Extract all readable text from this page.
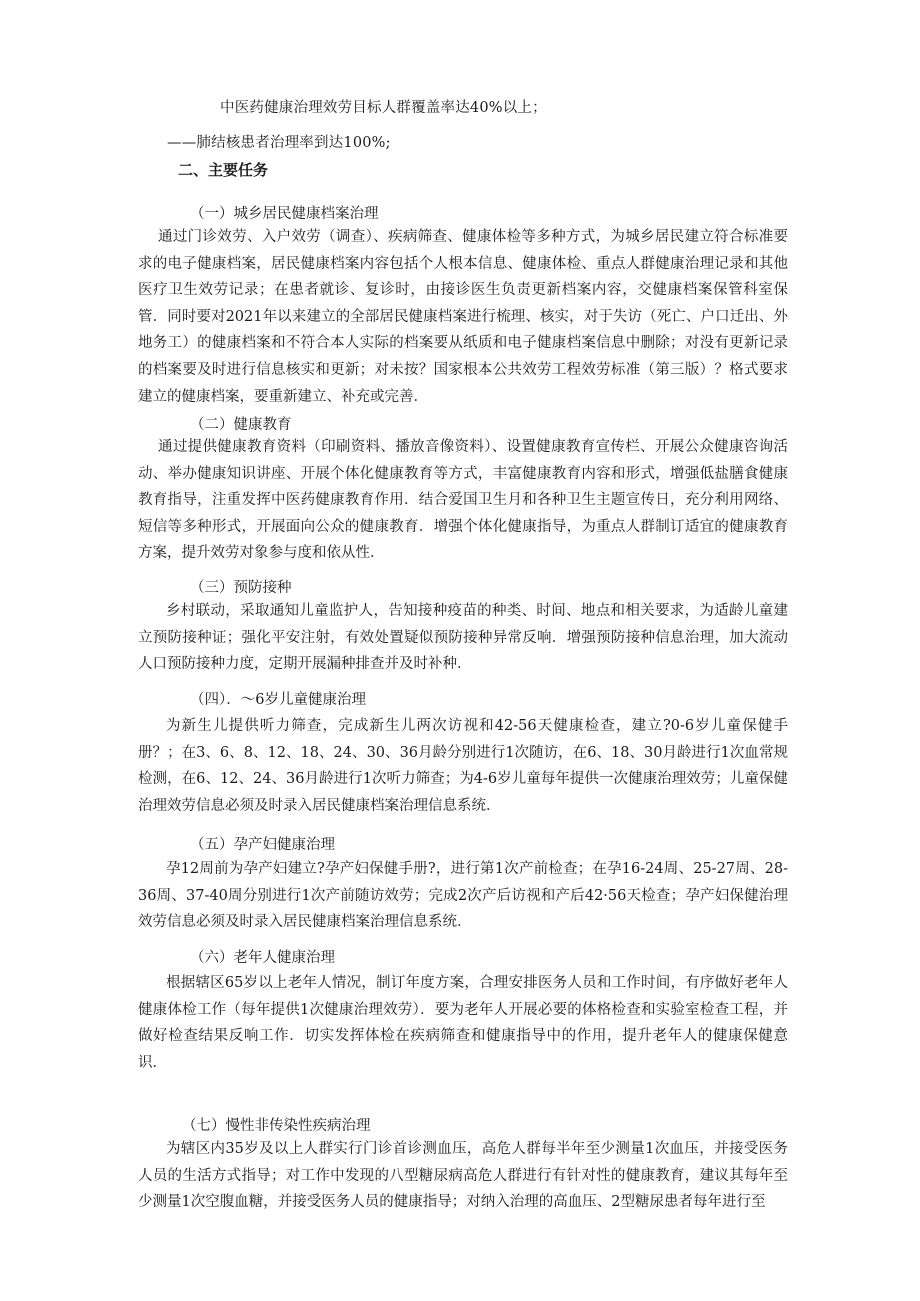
中医药健康治理效劳目标人群覆盖率达40%以上；
——肺结核患者治理率到达100%;
二、主要任务
（一）城乡居民健康档案治理
通过门诊效劳、入户效劳（调查）、疾病筛查、健康体检等多种方式，为城乡居民建立符合标准要求的电子健康档案，居民健康档案内容包括个人根本信息、健康体检、重点人群健康治理记录和其他医疗卫生效劳记录；在患者就诊、复诊时，由接诊医生负责更新档案内容，交健康档案保管科室保管．同时要对2021年以来建立的全部居民健康档案进行梳理、核实，对于失访（死亡、户口迁出、外地务工）的健康档案和不符合本人实际的档案要从纸质和电子健康档案信息中删除；对没有更新记录的档案要及时进行信息核实和更新；对未按？国家根本公共效劳工程效劳标准（第三版）？格式要求建立的健康档案，要重新建立、补充或完善．
（二）健康教育
通过提供健康教育资料（印刷资料、播放音像资料）、设置健康教育宣传栏、开展公众健康咨询活动、举办健康知识讲座、开展个体化健康教育等方式，丰富健康教育内容和形式，增强低盐膳食健康教育指导，注重发挥中医药健康教育作用．结合爱国卫生月和各种卫生主题宣传日，充分利用网络、短信等多种形式，开展面向公众的健康教育．增强个体化健康指导，为重点人群制订适宜的健康教育方案，提升效劳对象参与度和依从性．
（三）预防接种
乡村联动，采取通知儿童监护人，告知接种疫苗的种类、时间、地点和相关要求，为适龄儿童建立预防接种证；强化平安注射，有效处置疑似预防接种异常反响．增强预防接种信息治理，加大流动人口预防接种力度，定期开展漏种排查并及时补种．
（四）．～6岁儿童健康治理
为新生儿提供听力筛查，完成新生儿两次访视和42-56天健康检查，建立?0-6岁儿童保健手册？；在3、6、8、12、18、24、30、36月龄分别进行1次随访，在6、18、30月龄进行1次血常规检测，在6、12、24、36月龄进行1次听力筛查；为4-6岁儿童每年提供一次健康治理效劳；儿童保健治理效劳信息必须及时录入居民健康档案治理信息系统．
（五）孕产妇健康治理
孕12周前为孕产妇建立?孕产妇保健手册?，进行第1次产前检查；在孕16-24周、25-27周、28-36周、37-40周分别进行1次产前随访效劳；完成2次产后访视和产后42·56天检查；孕产妇保健治理效劳信息必须及时录入居民健康档案治理信息系统．
（六）老年人健康治理
根据辖区65岁以上老年人情况，制订年度方案，合理安排医务人员和工作时间，有序做好老年人健康体检工作（每年提供1次健康治理效劳）．要为老年人开展必要的体格检查和实验室检查工程，并做好检查结果反响工作．切实发挥体检在疾病筛查和健康指导中的作用，提升老年人的健康保健意识．
（七）慢性非传染性疾病治理
为辖区内35岁及以上人群实行门诊首诊测血压，高危人群每半年至少测量1次血压，并接受医务人员的生活方式指导；对工作中发现的八型糖尿病高危人群进行有针对性的健康教育，建议其每年至少测量1次空腹血糖，并接受医务人员的健康指导；对纳入治理的高血压、2型糖尿患者每年进行至
